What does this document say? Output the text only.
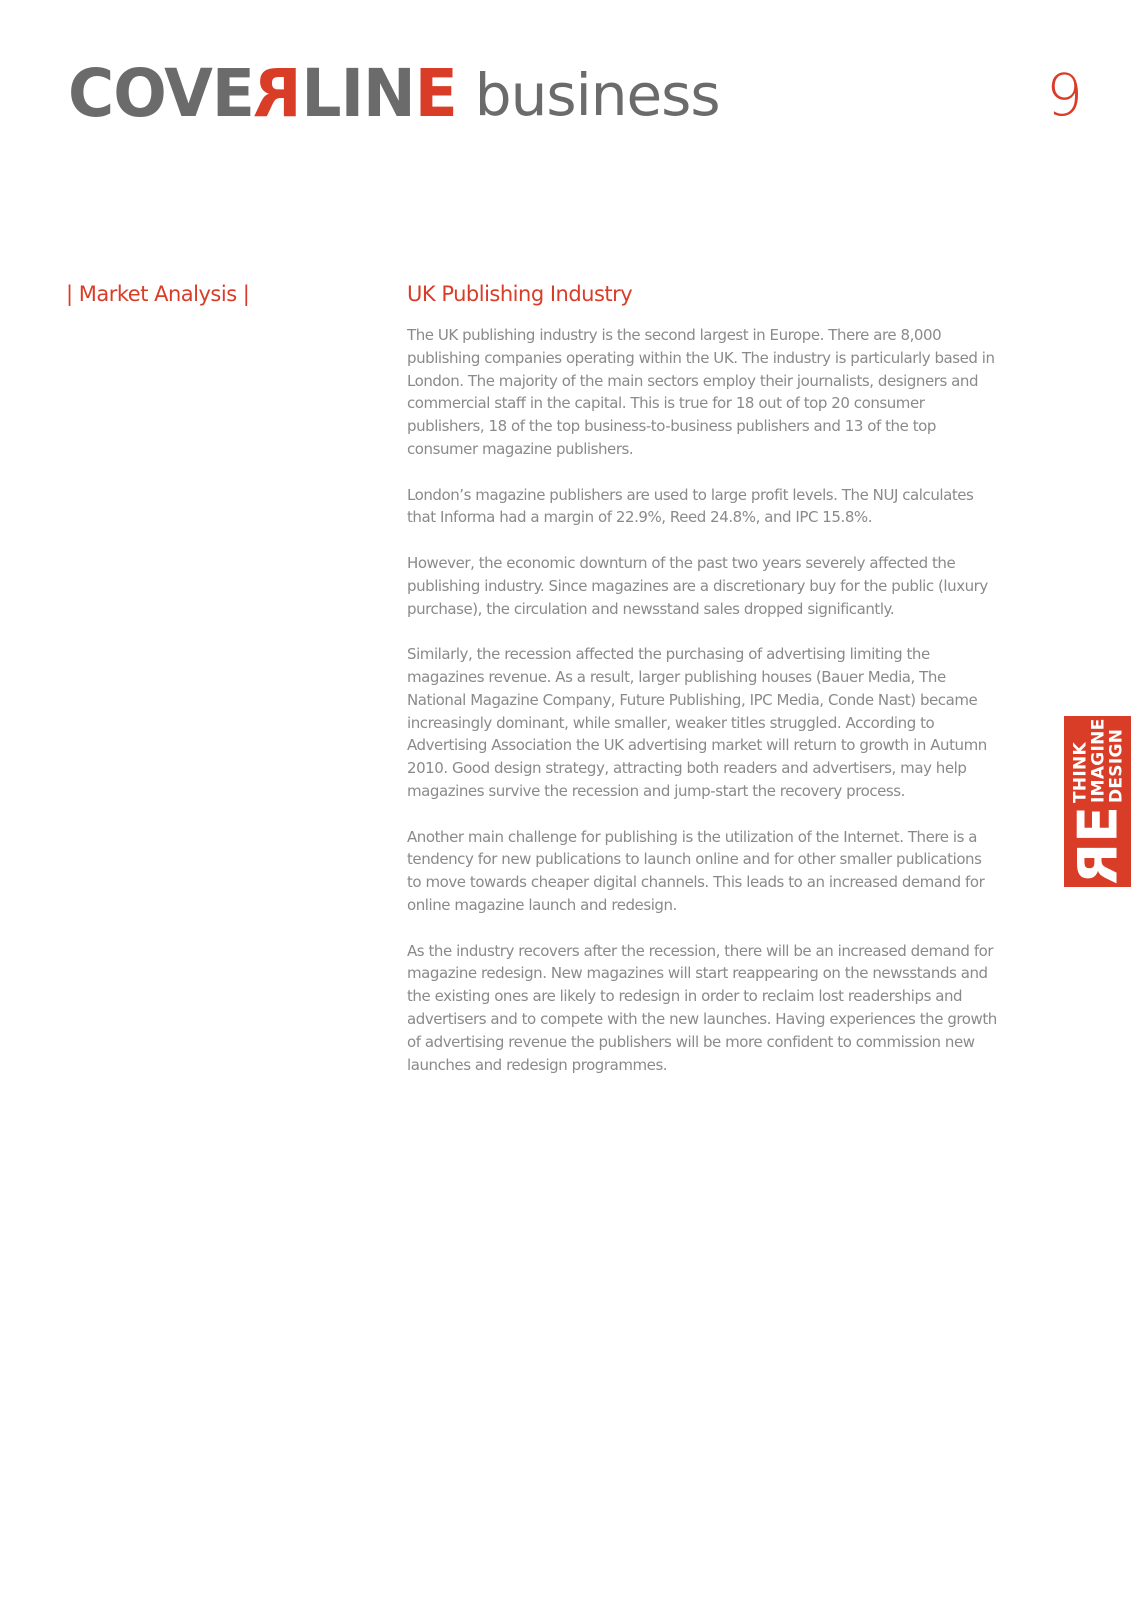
COVERLINE business	9
| Market Analysis |	UK Publishing Industry

The UK publishing industry is the second largest in Europe. There are 8,000 publishing companies operating within the UK. The industry is particularly based in London. The majority of the main sectors employ their journalists, designers and commercial staff in the capital. This is true for 18 out of top 20 consumer publishers, 18 of the top business-to-business publishers and 13 of the top consumer magazine publishers.

London’s magazine publishers are used to large profit levels. The NUJ calculates that Informa had a margin of 22.9%, Reed 24.8%, and IPC 15.8%.

However, the economic downturn of the past two years severely affected the publishing industry. Since magazines are a discretionary buy for the public (luxury purchase), the circulation and newsstand sales dropped significantly.

Similarly, the recession affected the purchasing of advertising limiting the magazines revenue. As a result, larger publishing houses (Bauer Media, The National Magazine Company, Future Publishing, IPC Media, Conde Nast) became increasingly dominant, while smaller, weaker titles struggled. According to Advertising Association the UK advertising market will return to growth in Autumn 2010. Good design strategy, attracting both readers and advertisers, may help magazines survive the recession and jump-start the recovery process.

Another main challenge for publishing is the utilization of the Internet. There is a tendency for new publications to launch online and for other smaller publications to move towards cheaper digital channels. This leads to an increased demand for online magazine launch and redesign.

As the industry recovers after the recession, there will be an increased demand for magazine redesign. New magazines will start reappearing on the newsstands and the existing ones are likely to redesign in order to reclaim lost readerships and advertisers and to compete with the new launches. Having experiences the growth of advertising revenue the publishers will be more confident to commission new launches and redesign programmes.

R
E
THINK
IMAGINE
DESIGN
